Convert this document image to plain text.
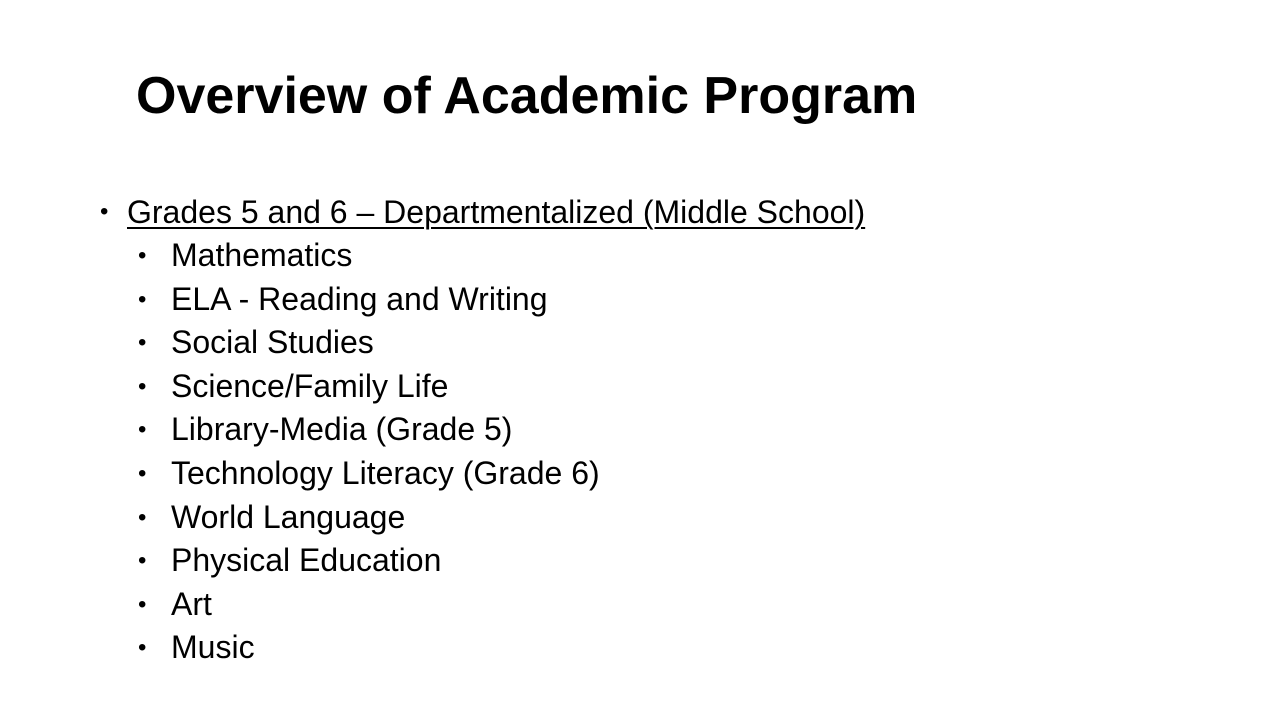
Overview of Academic Program
• Grades 5 and 6 – Departmentalized (Middle School)
• Mathematics
• ELA - Reading and Writing
• Social Studies
• Science/Family Life
• Library-Media (Grade 5)
• Technology Literacy (Grade 6)
• World Language
• Physical Education
• Art
• Music
